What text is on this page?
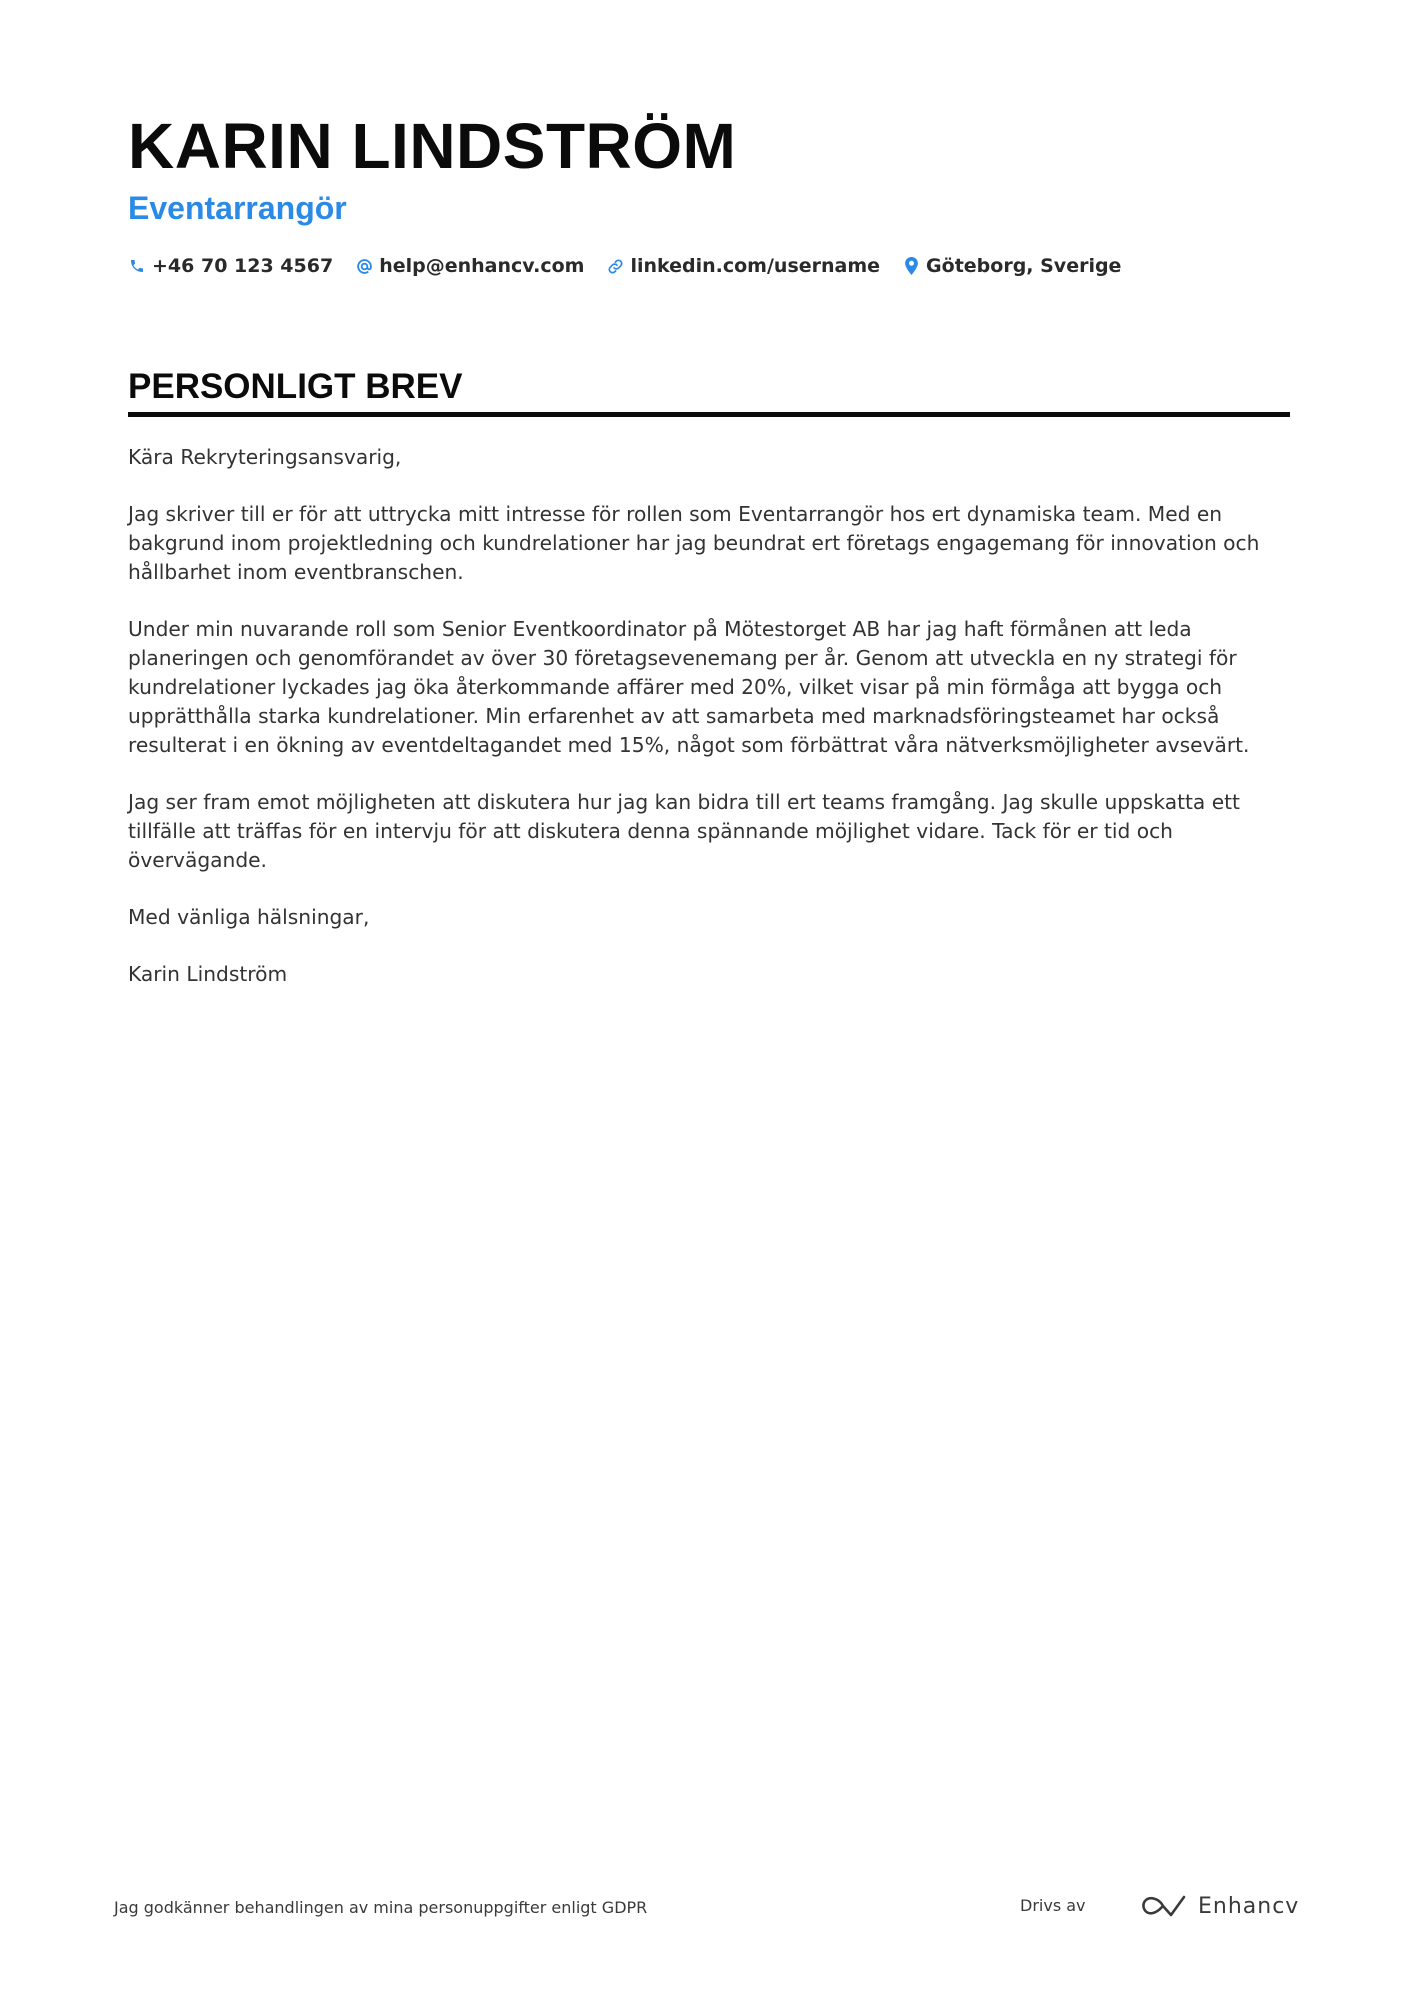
KARIN LINDSTRÖM
Eventarrangör
+46 70 123 4567 help@enhancv.com linkedin.com/username Göteborg, Sverige
PERSONLIGT BREV

Kära Rekryteringsansvarig,

Jag skriver till er för att uttrycka mitt intresse för rollen som Eventarrangör hos ert dynamiska team. Med en bakgrund inom projektledning och kundrelationer har jag beundrat ert företags engagemang för innovation och hållbarhet inom eventbranschen.

Under min nuvarande roll som Senior Eventkoordinator på Mötestorget AB har jag haft förmånen att leda planeringen och genomförandet av över 30 företagsevenemang per år. Genom att utveckla en ny strategi för kundrelationer lyckades jag öka återkommande affärer med 20%, vilket visar på min förmåga att bygga och upprätthålla starka kundrelationer. Min erfarenhet av att samarbeta med marknadsföringsteamet har också resulterat i en ökning av eventdeltagandet med 15%, något som förbättrat våra nätverksmöjligheter avsevärt.

Jag ser fram emot möjligheten att diskutera hur jag kan bidra till ert teams framgång. Jag skulle uppskatta ett tillfälle att träffas för en intervju för att diskutera denna spännande möjlighet vidare. Tack för er tid och övervägande.

Med vänliga hälsningar,

Karin Lindström

Jag godkänner behandlingen av mina personuppgifter enligt GDPR	Drivs av	Enhancv
